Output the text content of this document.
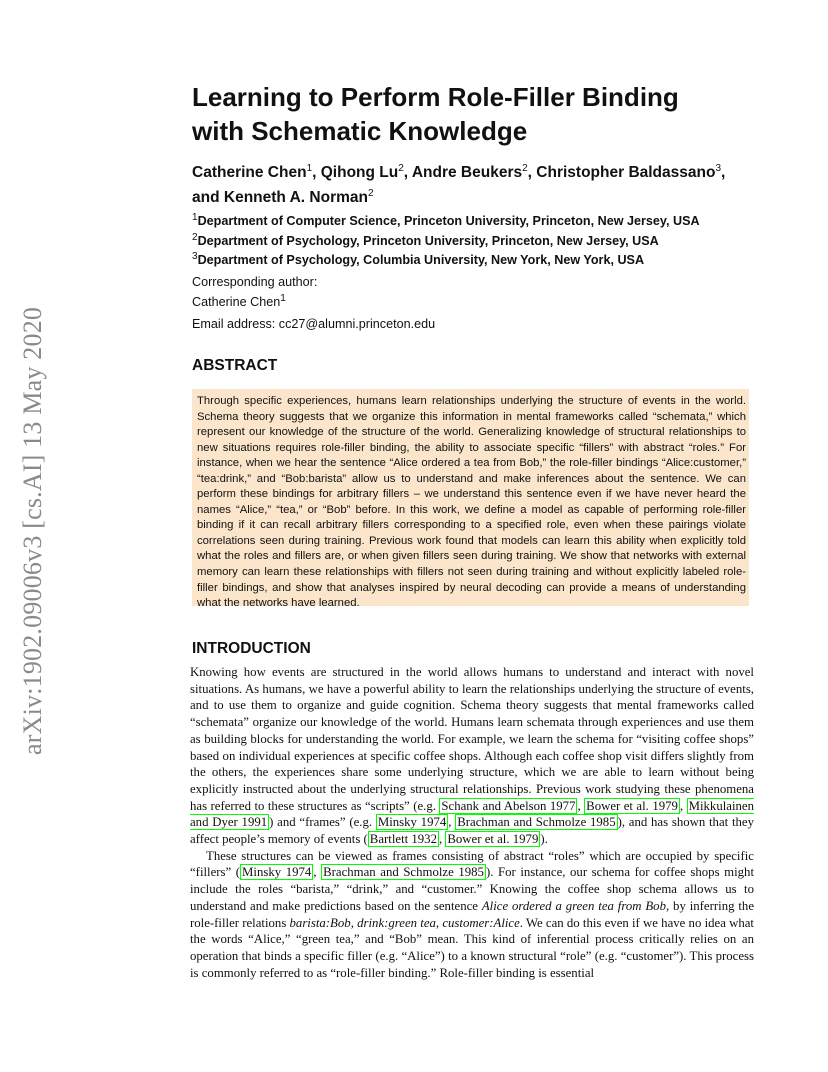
arXiv:1902.09006v3 [cs.AI] 13 May 2020
Learning to Perform Role-Filler Binding
with Schematic Knowledge
Catherine Chen$^1$, Qihong Lu$^2$, Andre Beukers$^2$, Christopher Baldassano$^3$,
and Kenneth A. Norman$^2$
$^1$Department of Computer Science, Princeton University, Princeton, New Jersey, USA
$^2$Department of Psychology, Princeton University, Princeton, New Jersey, USA
$^3$Department of Psychology, Columbia University, New York, New York, USA
Corresponding author:
Catherine Chen$^1$
Email address: cc27@alumni.princeton.edu
ABSTRACT
Through specific experiences, humans learn relationships underlying the structure of events in the world. Schema theory suggests that we organize this information in mental frameworks called “schemata,” which represent our knowledge of the structure of the world. Generalizing knowledge of structural relationships to new situations requires role-filler binding, the ability to associate specific “fillers” with abstract “roles.” For instance, when we hear the sentence “Alice ordered a tea from Bob,” the role-filler bindings “Alice:customer,” “tea:drink,” and “Bob:barista” allow us to understand and make inferences about the sentence. We can perform these bindings for arbitrary fillers – we understand this sentence even if we have never heard the names “Alice,” “tea,” or “Bob” before. In this work, we define a model as capable of performing role-filler binding if it can recall arbitrary fillers corresponding to a specified role, even when these pairings violate correlations seen during training. Previous work found that models can learn this ability when explicitly told what the roles and fillers are, or when given fillers seen during training. We show that networks with external memory can learn these relationships with fillers not seen during training and without explicitly labeled role-filler bindings, and show that analyses inspired by neural decoding can provide a means of understanding what the networks have learned.
INTRODUCTION

Knowing how events are structured in the world allows humans to understand and interact with novel situations. As humans, we have a powerful ability to learn the relationships underlying the structure of events, and to use them to organize and guide cognition. Schema theory suggests that mental frameworks called “schemata” organize our knowledge of the world. Humans learn schemata through experiences and use them as building blocks for understanding the world. For example, we learn the schema for “visiting coffee shops” based on individual experiences at specific coffee shops. Although each coffee shop visit differs slightly from the others, the experiences share some underlying structure, which we are able to learn without being explicitly instructed about the underlying structural relationships. Previous work studying these phenomena has referred to these structures as “scripts” (e.g. Schank and Abelson 1977 , Bower et al. 1979 , Mikkulainen and Dyer 1991 ) and “frames” (e.g. Minsky 1974 , Brachman and Schmolze 1985 ), and has shown that they affect people’s memory of events ( Bartlett 1932 , Bower et al. 1979 ).

These structures can be viewed as frames consisting of abstract “roles” which are occupied by specific “fillers” ( Minsky 1974 , Brachman and Schmolze 1985 ). For instance, our schema for coffee shops might include the roles “barista,” “drink,” and “customer.” Knowing the coffee shop schema allows us to understand and make predictions based on the sentence Alice ordered a green tea from Bob, by inferring the role-filler relations barista:Bob, drink:green tea, customer:Alice. We can do this even if we have no idea what the words “Alice,” “green tea,” and “Bob” mean. This kind of inferential process critically relies on an operation that binds a specific filler (e.g. “Alice”) to a known structural “role” (e.g. “customer”). This process is commonly referred to as “role-filler binding.” Role-filler binding is essential
